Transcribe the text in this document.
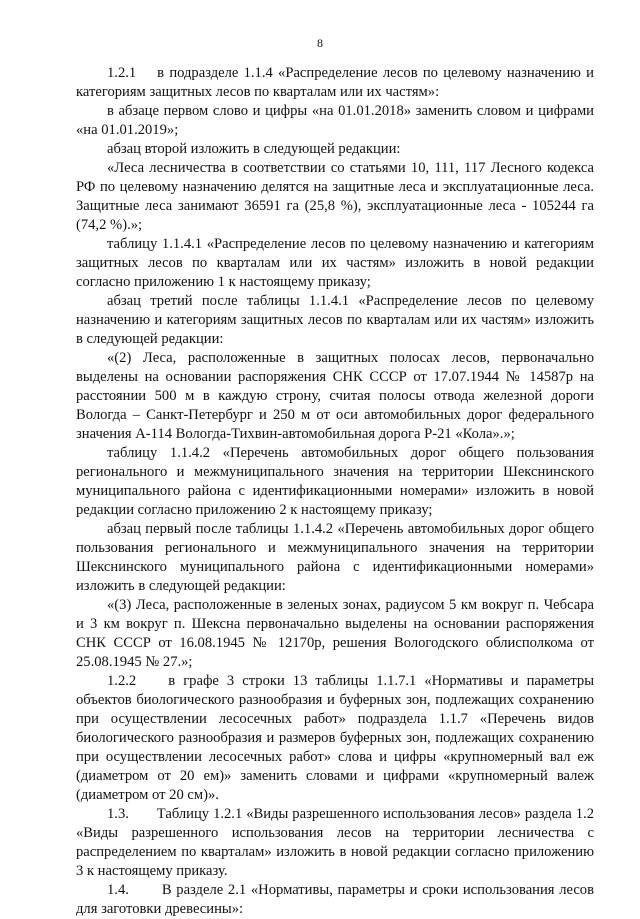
8

1.2.1    в подразделе 1.1.4 «Распределение лесов по целевому назначению и категориям защитных лесов по кварталам или их частям»:

в абзаце первом слово и цифры «на 01.01.2018» заменить словом и цифрами «на 01.01.2019»;

абзац второй изложить в следующей редакции:

«Леса лесничества в соответствии со статьями 10, 111, 117 Лесного кодекса РФ по целевому назначению делятся на защитные леса и эксплуатационные леса. Защитные леса занимают 36591 га (25,8 %), эксплуатационные леса - 105244 га (74,2 %).»;

таблицу 1.1.4.1 «Распределение лесов по целевому назначению и категориям защитных лесов по кварталам или их частям» изложить в новой редакции согласно приложению 1 к настоящему приказу;

абзац третий после таблицы 1.1.4.1 «Распределение лесов по целевому назначению и категориям защитных лесов по кварталам или их частям» изложить в следующей редакции:

«(2) Леса, расположенные в защитных полосах лесов, первоначально выделены на основании распоряжения СНК СССР от 17.07.1944 № 14587р на расстоянии 500 м в каждую строну, считая полосы отвода железной дороги Вологда – Санкт-Петербург и 250 м от оси автомобильных дорог федерального значения А-114 Вологда-Тихвин-автомобильная дорога Р-21 «Кола».»;

таблицу 1.1.4.2 «Перечень автомобильных дорог общего пользования регионального и межмуниципального значения на территории Шекснинского муниципального района с идентификационными номерами» изложить в новой редакции согласно приложению 2 к настоящему приказу;

абзац первый после таблицы 1.1.4.2 «Перечень автомобильных дорог общего пользования регионального и межмуниципального значения на территории Шекснинского муниципального района с идентификационными номерами» изложить в следующей редакции:

«(3) Леса, расположенные в зеленых зонах, радиусом 5 км вокруг п. Чебсара и 3 км вокруг п. Шексна первоначально выделены на основании распоряжения СНК СССР от 16.08.1945 № 12170р, решения Вологодского облисполкома от 25.08.1945 № 27.»;

1.2.2    в графе 3 строки 13 таблицы 1.1.7.1 «Нормативы и параметры объектов биологического разнообразия и буферных зон, подлежащих сохранению при осуществлении лесосечных работ» подраздела 1.1.7 «Перечень видов биологического разнообразия и размеров буферных зон, подлежащих сохранению при осуществлении лесосечных работ» слова и цифры «крупномерный вал еж (диаметром от 20 ем)» заменить словами и цифрами «крупномерный валеж (диаметром от 20 см)».

1.3.       Таблицу 1.2.1 «Виды разрешенного использования лесов» раздела 1.2 «Виды разрешенного использования лесов на территории лесничества с распределением по кварталам» изложить в новой редакции согласно приложению 3 к настоящему приказу.

1.4.       В разделе 2.1 «Нормативы, параметры и сроки использования лесов для заготовки древесины»:
